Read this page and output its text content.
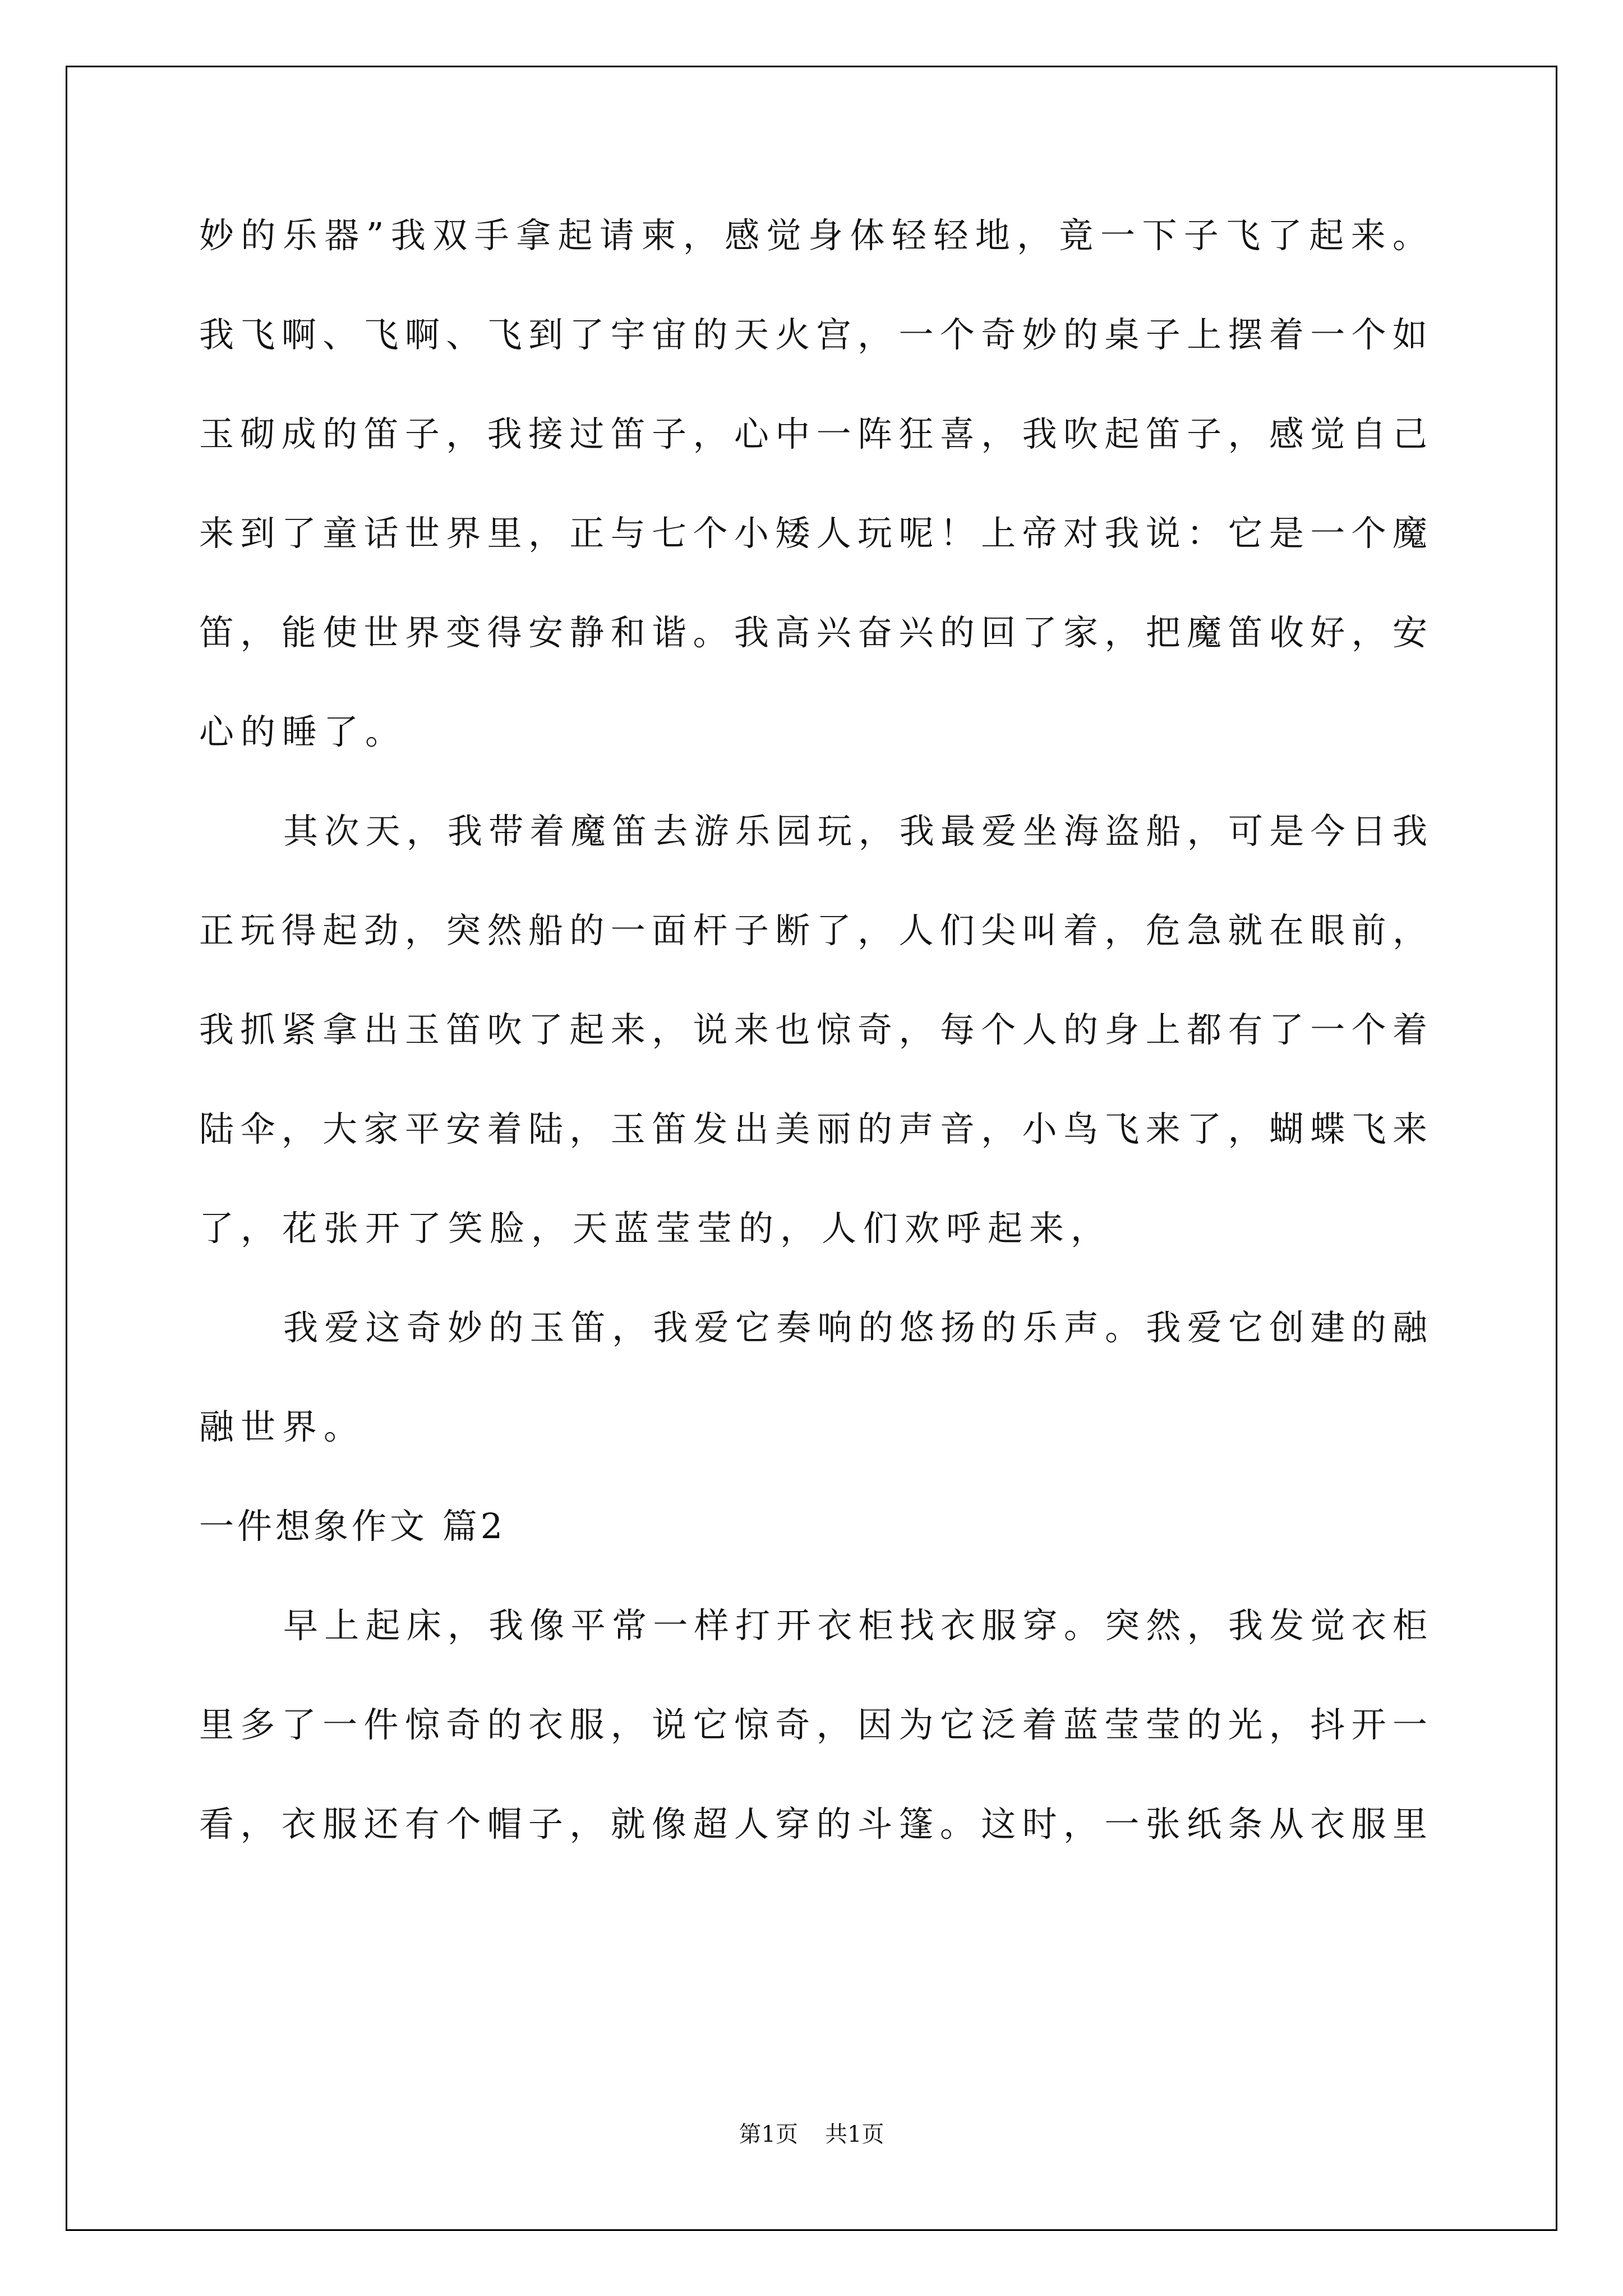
妙的乐器”我双手拿起请柬，感觉身体轻轻地，竟一下子飞了起来。
我飞啊、飞啊、飞到了宇宙的天火宫，一个奇妙的桌子上摆着一个如
玉砌成的笛子，我接过笛子，心中一阵狂喜，我吹起笛子，感觉自己
来到了童话世界里，正与七个小矮人玩呢！上帝对我说：它是一个魔
笛，能使世界变得安静和谐。我高兴奋兴的回了家，把魔笛收好，安
心的睡了。
其次天，我带着魔笛去游乐园玩，我最爱坐海盗船，可是今日我
正玩得起劲，突然船的一面杆子断了，人们尖叫着，危急就在眼前，
我抓紧拿出玉笛吹了起来，说来也惊奇，每个人的身上都有了一个着
陆伞，大家平安着陆，玉笛发出美丽的声音，小鸟飞来了，蝴蝶飞来
了，花张开了笑脸，天蓝莹莹的，人们欢呼起来，
我爱这奇妙的玉笛，我爱它奏响的悠扬的乐声。我爱它创建的融
融世界。
一件想象作文 篇2
早上起床，我像平常一样打开衣柜找衣服穿。突然，我发觉衣柜
里多了一件惊奇的衣服，说它惊奇，因为它泛着蓝莹莹的光，抖开一
看，衣服还有个帽子，就像超人穿的斗篷。这时，一张纸条从衣服里
第1页 共1页
